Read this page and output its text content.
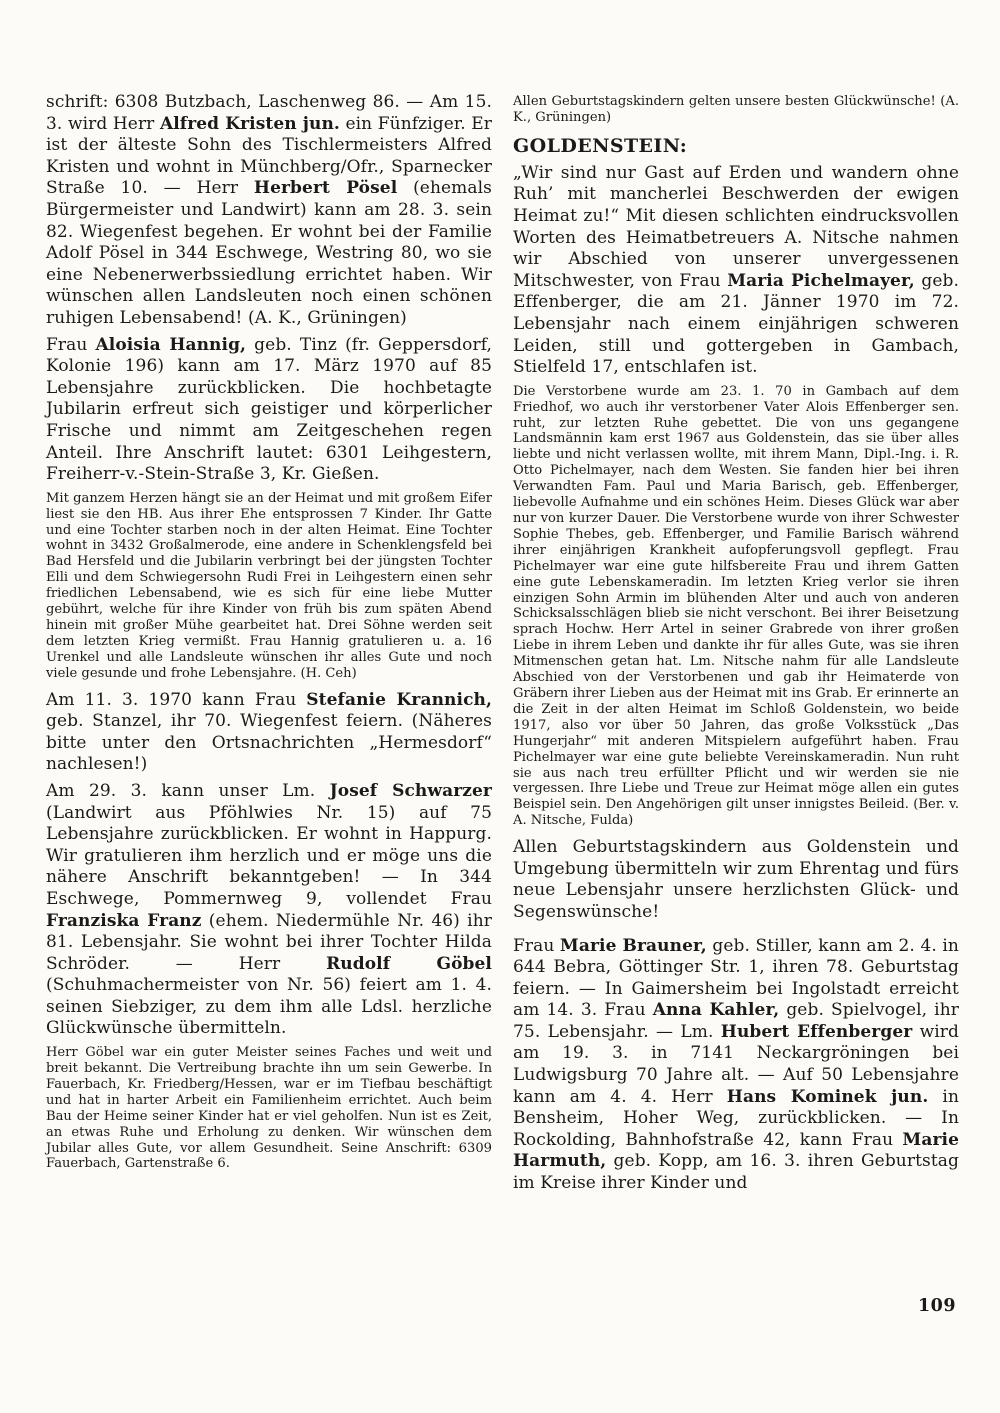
schrift: 6308 Butzbach, Laschenweg 86. — Am 15. 3. wird Herr Alfred Kristen jun. ein Fünfziger. Er ist der älteste Sohn des Tischlermeisters Alfred Kristen und wohnt in Münchberg/Ofr., Sparnecker Straße 10. — Herr Herbert Pösel (ehemals Bürgermeister und Landwirt) kann am 28. 3. sein 82. Wiegenfest begehen. Er wohnt bei der Familie Adolf Pösel in 344 Eschwege, Westring 80, wo sie eine Nebenerwerbssiedlung errichtet haben. Wir wünschen allen Landsleuten noch einen schönen ruhigen Lebensabend! (A. K., Grüningen)

Frau Aloisia Hannig, geb. Tinz (fr. Geppersdorf, Kolonie 196) kann am 17. März 1970 auf 85 Lebensjahre zurückblicken. Die hochbetagte Jubilarin erfreut sich geistiger und körperlicher Frische und nimmt am Zeitgeschehen regen Anteil. Ihre Anschrift lautet: 6301 Leihgestern, Freiherr-v.-Stein-Straße 3, Kr. Gießen.

Mit ganzem Herzen hängt sie an der Heimat und mit großem Eifer liest sie den HB. Aus ihrer Ehe entsprossen 7 Kinder. Ihr Gatte und eine Tochter starben noch in der alten Heimat. Eine Tochter wohnt in 3432 Großalmerode, eine andere in Schenklengsfeld bei Bad Hersfeld und die Jubilarin verbringt bei der jüngsten Tochter Elli und dem Schwiegersohn Rudi Frei in Leihgestern einen sehr friedlichen Lebensabend, wie es sich für eine liebe Mutter gebührt, welche für ihre Kinder von früh bis zum späten Abend hinein mit großer Mühe gearbeitet hat. Drei Söhne werden seit dem letzten Krieg vermißt. Frau Hannig gratulieren u. a. 16 Urenkel und alle Landsleute wünschen ihr alles Gute und noch viele gesunde und frohe Lebensjahre. (H. Ceh)

Am 11. 3. 1970 kann Frau Stefanie Krannich, geb. Stanzel, ihr 70. Wiegenfest feiern. (Näheres bitte unter den Ortsnachrichten „Hermesdorf“ nachlesen!)

Am 29. 3. kann unser Lm. Josef Schwarzer (Landwirt aus Pföhlwies Nr. 15) auf 75 Lebensjahre zurückblicken. Er wohnt in Happurg. Wir gratulieren ihm herzlich und er möge uns die nähere Anschrift bekanntgeben! — In 344 Eschwege, Pommernweg 9, vollendet Frau Franziska Franz (ehem. Niedermühle Nr. 46) ihr 81. Lebensjahr. Sie wohnt bei ihrer Tochter Hilda Schröder. — Herr Rudolf Göbel (Schuhmachermeister von Nr. 56) feiert am 1. 4. seinen Siebziger, zu dem ihm alle Ldsl. herzliche Glückwünsche übermitteln.

Herr Göbel war ein guter Meister seines Faches und weit und breit bekannt. Die Vertreibung brachte ihn um sein Gewerbe. In Fauerbach, Kr. Friedberg/Hessen, war er im Tiefbau beschäftigt und hat in harter Arbeit ein Familienheim errichtet. Auch beim Bau der Heime seiner Kinder hat er viel geholfen. Nun ist es Zeit, an etwas Ruhe und Erholung zu denken. Wir wünschen dem Jubilar alles Gute, vor allem Gesundheit. Seine Anschrift: 6309 Fauerbach, Gartenstraße 6.

Allen Geburtstagskindern gelten unsere besten Glückwünsche! (A. K., Grüningen)

GOLDENSTEIN:

„Wir sind nur Gast auf Erden und wandern ohne Ruh’ mit mancherlei Beschwerden der ewigen Heimat zu!“ Mit diesen schlichten eindrucksvollen Worten des Heimatbetreuers A. Nitsche nahmen wir Abschied von unserer unvergessenen Mitschwester, von Frau Maria Pichelmayer, geb. Effenberger, die am 21. Jänner 1970 im 72. Lebensjahr nach einem einjährigen schweren Leiden, still und gottergeben in Gambach, Stielfeld 17, entschlafen ist.

Die Verstorbene wurde am 23. 1. 70 in Gambach auf dem Friedhof, wo auch ihr verstorbener Vater Alois Effenberger sen. ruht, zur letzten Ruhe gebettet. Die von uns gegangene Landsmännin kam erst 1967 aus Goldenstein, das sie über alles liebte und nicht verlassen wollte, mit ihrem Mann, Dipl.-Ing. i. R. Otto Pichelmayer, nach dem Westen. Sie fanden hier bei ihren Verwandten Fam. Paul und Maria Barisch, geb. Effenberger, liebevolle Aufnahme und ein schönes Heim. Dieses Glück war aber nur von kurzer Dauer. Die Verstorbene wurde von ihrer Schwester Sophie Thebes, geb. Effenberger, und Familie Barisch während ihrer einjährigen Krankheit aufopferungsvoll gepflegt. Frau Pichelmayer war eine gute hilfsbereite Frau und ihrem Gatten eine gute Lebenskameradin. Im letzten Krieg verlor sie ihren einzigen Sohn Armin im blühenden Alter und auch von anderen Schicksalsschlägen blieb sie nicht verschont. Bei ihrer Beisetzung sprach Hochw. Herr Artel in seiner Grabrede von ihrer großen Liebe in ihrem Leben und dankte ihr für alles Gute, was sie ihren Mitmenschen getan hat. Lm. Nitsche nahm für alle Landsleute Abschied von der Verstorbenen und gab ihr Heimaterde von Gräbern ihrer Lieben aus der Heimat mit ins Grab. Er erinnerte an die Zeit in der alten Heimat im Schloß Goldenstein, wo beide 1917, also vor über 50 Jahren, das große Volksstück „Das Hungerjahr“ mit anderen Mitspielern aufgeführt haben. Frau Pichelmayer war eine gute beliebte Vereinskameradin. Nun ruht sie aus nach treu erfüllter Pflicht und wir werden sie nie vergessen. Ihre Liebe und Treue zur Heimat möge allen ein gutes Beispiel sein. Den Angehörigen gilt unser innigstes Beileid. (Ber. v. A. Nitsche, Fulda)

Allen Geburtstagskindern aus Goldenstein und Umgebung übermitteln wir zum Ehrentag und fürs neue Lebensjahr unsere herzlichsten Glück- und Segenswünsche!

Frau Marie Brauner, geb. Stiller, kann am 2. 4. in 644 Bebra, Göttinger Str. 1, ihren 78. Geburtstag feiern. — In Gaimersheim bei Ingolstadt erreicht am 14. 3. Frau Anna Kahler, geb. Spielvogel, ihr 75. Lebensjahr. — Lm. Hubert Effenberger wird am 19. 3. in 7141 Neckargröningen bei Ludwigsburg 70 Jahre alt. — Auf 50 Lebensjahre kann am 4. 4. Herr Hans Kominek jun. in Bensheim, Hoher Weg, zurückblicken. — In Rockolding, Bahnhofstraße 42, kann Frau Marie Harmuth, geb. Kopp, am 16. 3. ihren Geburtstag im Kreise ihrer Kinder und

109
